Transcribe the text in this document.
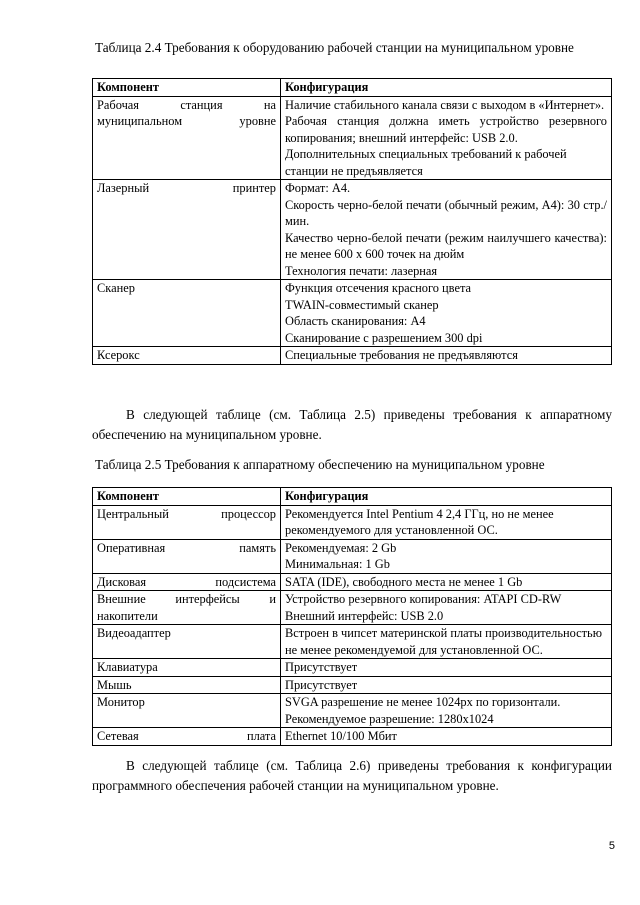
Таблица 2.4 Требования к оборудованию рабочей станции на муниципальном уровне
Компонент	Конфигурация
Рабочая станция на муниципальном уровне	Наличие стабильного канала связи с выходом в «Интернет».
Рабочая станция должна иметь устройство резервного копирования; внешний интерфейс: USB 2.0.
Дополнительных специальных требований к рабочей станции не предъявляется

Лазерный принтер	Формат: А4.
Скорость черно-белой печати (обычный режим, А4): 30 стр./мин.
Качество черно-белой печати (режим наилучшего качества): не менее 600 x 600 точек на дюйм
Технология печати: лазерная

Сканер	Функция отсечения красного цвета
TWAIN-совместимый сканер
Область сканирования: А4
Сканирование с разрешением 300 dpi

Ксерокс	Специальные требования не предъявляются
В следующей таблице (см. Таблица 2.5) приведены требования к аппаратному обеспечению на муниципальном уровне.
Таблица 2.5 Требования к аппаратному обеспечению на муниципальном уровне
Компонент	Конфигурация
Центральный процессор	Рекомендуется Intel Pentium 4 2,4 ГГц, но не менее рекомендуемого для установленной ОС.

Оперативная память	Рекомендуемая: 2 Gb
Минимальная: 1 Gb

Дисковая подсистема	SATA (IDE), свободного места не менее 1 Gb

Внешние интерфейсы и накопители	Устройство резервного копирования: ATAPI CD-RW
Внешний интерфейс: USB 2.0

Видеоадаптер	Встроен в чипсет материнской платы производительностью не менее рекомендуемой для установленной ОС.

Клавиатура	Присутствует

Мышь	Присутствует

Монитор	SVGA разрешение не менее 1024px по горизонтали.
Рекомендуемое разрешение: 1280x1024

Сетевая плата	Ethernet 10/100 Мбит
В следующей таблице (см. Таблица 2.6) приведены требования к конфигурации программного обеспечения рабочей станции на муниципальном уровне.
5
